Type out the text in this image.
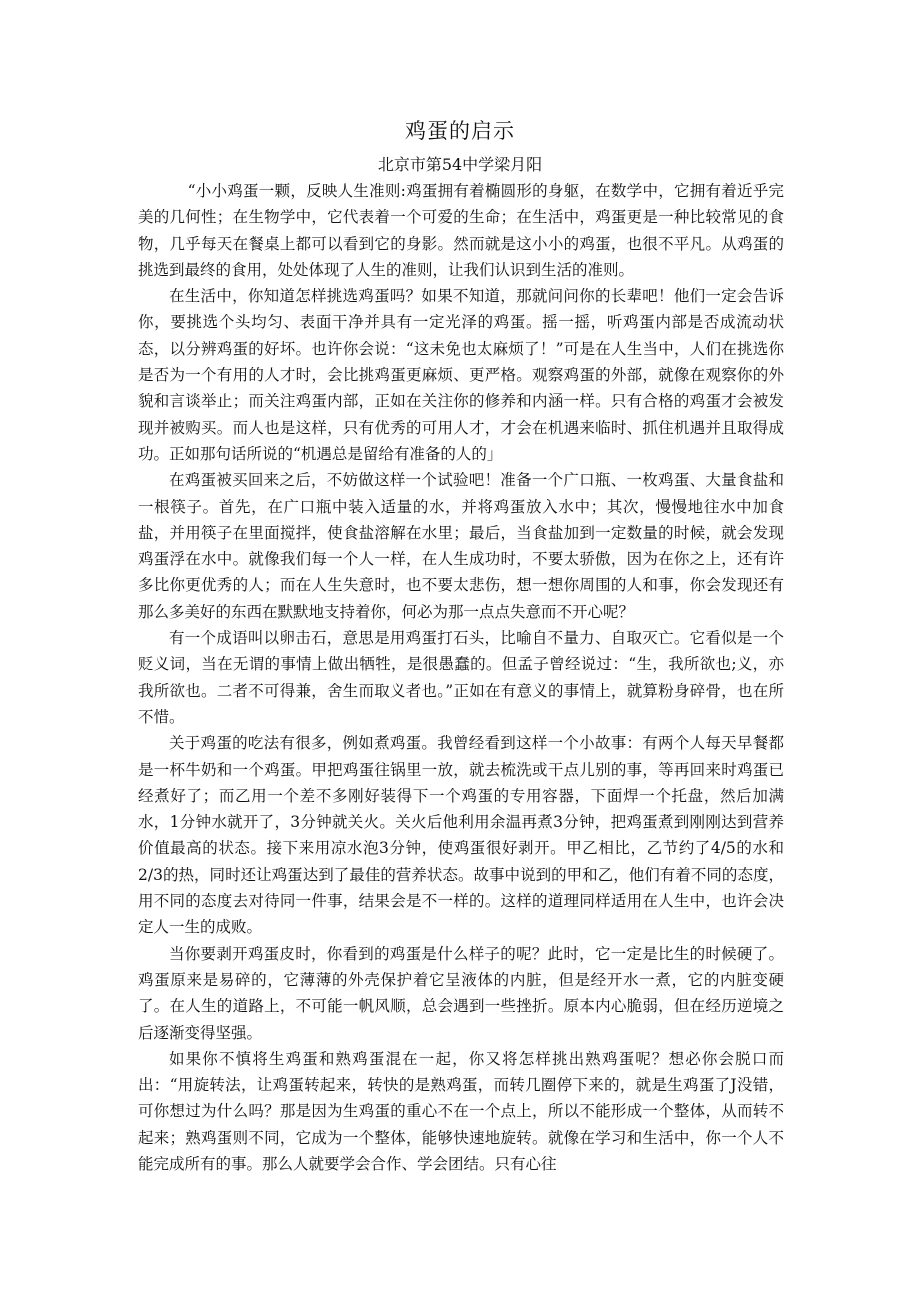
鸡蛋的启示
北京市第54中学梁月阳

“小小鸡蛋一颗，反映人生准则:鸡蛋拥有着椭圆形的身躯，在数学中，它拥有着近乎完美的几何性；在生物学中，它代表着一个可爱的生命；在生活中，鸡蛋更是一种比较常见的食物，几乎每天在餐桌上都可以看到它的身影。然而就是这小小的鸡蛋，也很不平凡。从鸡蛋的挑选到最终的食用，处处体现了人生的准则，让我们认识到生活的准则。

在生活中，你知道怎样挑选鸡蛋吗？如果不知道，那就问问你的长辈吧！他们一定会告诉你，要挑选个头均匀、表面干净并具有一定光泽的鸡蛋。摇一摇，听鸡蛋内部是否成流动状态，以分辨鸡蛋的好坏。也许你会说：“这未免也太麻烦了！”可是在人生当中，人们在挑选你是否为一个有用的人才时，会比挑鸡蛋更麻烦、更严格。观察鸡蛋的外部，就像在观察你的外貌和言谈举止；而关注鸡蛋内部，正如在关注你的修养和内涵一样。只有合格的鸡蛋才会被发现并被购买。而人也是这样，只有优秀的可用人才，才会在机遇来临时、抓住机遇并且取得成功。正如那句话所说的“机遇总是留给有准备的人的」

在鸡蛋被买回来之后，不妨做这样一个试验吧！准备一个广口瓶、一枚鸡蛋、大量食盐和一根筷子。首先，在广口瓶中装入适量的水，并将鸡蛋放入水中；其次，慢慢地往水中加食盐，并用筷子在里面搅拌，使食盐溶解在水里；最后，当食盐加到一定数量的时候，就会发现鸡蛋浮在水中。就像我们每一个人一样，在人生成功时，不要太骄傲，因为在你之上，还有许多比你更优秀的人；而在人生失意时，也不要太悲伤，想一想你周围的人和事，你会发现还有那么多美好的东西在默默地支持着你，何必为那一点点失意而不开心呢？

有一个成语叫以卵击石，意思是用鸡蛋打石头，比喻自不量力、自取灭亡。它看似是一个贬义词，当在无谓的事情上做出牺牲，是很愚蠢的。但孟子曾经说过：“生，我所欲也;义，亦我所欲也。二者不可得兼，舍生而取义者也。”正如在有意义的事情上，就算粉身碎骨，也在所不惜。

关于鸡蛋的吃法有很多，例如煮鸡蛋。我曾经看到这样一个小故事：有两个人每天早餐都是一杯牛奶和一个鸡蛋。甲把鸡蛋往锅里一放，就去梳洗或干点儿别的事，等再回来时鸡蛋已经煮好了；而乙用一个差不多刚好装得下一个鸡蛋的专用容器，下面焊一个托盘，然后加满水，1分钟水就开了，3分钟就关火。关火后他利用余温再煮3分钟，把鸡蛋煮到刚刚达到营养价值最高的状态。接下来用凉水泡3分钟，使鸡蛋很好剥开。甲乙相比，乙节约了4/5的水和2/3的热，同时还让鸡蛋达到了最佳的营养状态。故事中说到的甲和乙，他们有着不同的态度，用不同的态度去对待同一件事，结果会是不一样的。这样的道理同样适用在人生中，也许会决定人一生的成败。

当你要剥开鸡蛋皮时，你看到的鸡蛋是什么样子的呢？此时，它一定是比生的时候硬了。鸡蛋原来是易碎的，它薄薄的外壳保护着它呈液体的内脏，但是经开水一煮，它的内脏变硬了。在人生的道路上，不可能一帆风顺，总会遇到一些挫折。原本内心脆弱，但在经历逆境之后逐渐变得坚强。

如果你不慎将生鸡蛋和熟鸡蛋混在一起，你又将怎样挑出熟鸡蛋呢？想必你会脱口而出：“用旋转法，让鸡蛋转起来，转快的是熟鸡蛋，而转几圈停下来的，就是生鸡蛋了J没错，可你想过为什么吗？那是因为生鸡蛋的重心不在一个点上，所以不能形成一个整体，从而转不起来；熟鸡蛋则不同，它成为一个整体，能够快速地旋转。就像在学习和生活中，你一个人不能完成所有的事。那么人就要学会合作、学会团结。只有心往
